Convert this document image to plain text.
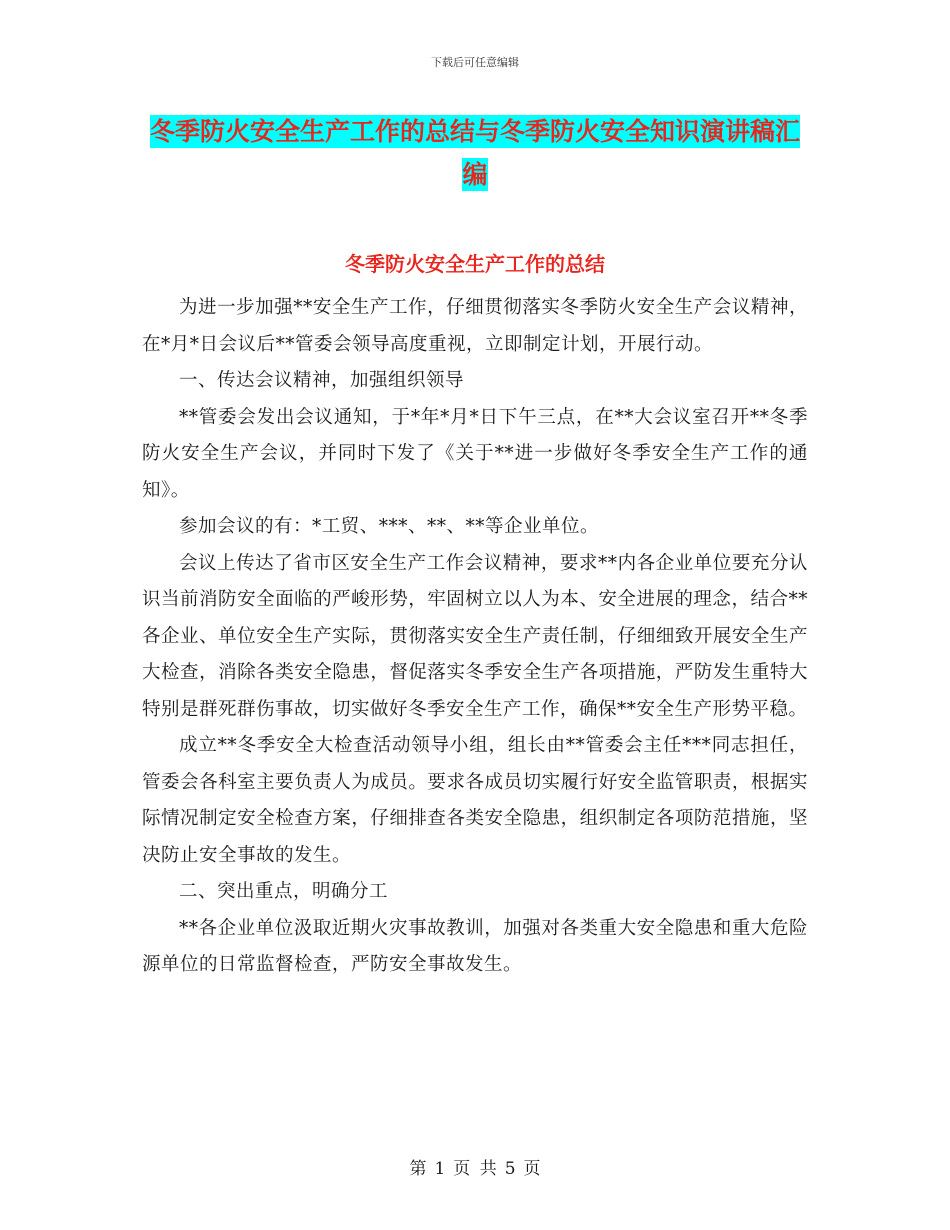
下载后可任意编辑
冬季防火安全生产工作的总结与冬季防火安全知识演讲稿汇编
冬季防火安全生产工作的总结

为进一步加强**安全生产工作，仔细贯彻落实冬季防火安全生产会议精神，在*月*日会议后**管委会领导高度重视，立即制定计划，开展行动。

一、传达会议精神，加强组织领导

**管委会发出会议通知，于*年*月*日下午三点，在**大会议室召开**冬季防火安全生产会议，并同时下发了《关于**进一步做好冬季安全生产工作的通知》。

参加会议的有：*工贸、***、**、**等企业单位。

会议上传达了省市区安全生产工作会议精神，要求**内各企业单位要充分认识当前消防安全面临的严峻形势，牢固树立以人为本、安全进展的理念，结合**各企业、单位安全生产实际，贯彻落实安全生产责任制，仔细细致开展安全生产大检查，消除各类安全隐患，督促落实冬季安全生产各项措施，严防发生重特大特别是群死群伤事故，切实做好冬季安全生产工作，确保**安全生产形势平稳。

成立**冬季安全大检查活动领导小组，组长由**管委会主任***同志担任，管委会各科室主要负责人为成员。要求各成员切实履行好安全监管职责，根据实际情况制定安全检查方案，仔细排查各类安全隐患，组织制定各项防范措施，坚决防止安全事故的发生。

二、突出重点，明确分工

**各企业单位汲取近期火灾事故教训，加强对各类重大安全隐患和重大危险源单位的日常监督检查，严防安全事故发生。

第 1 页 共 5 页
